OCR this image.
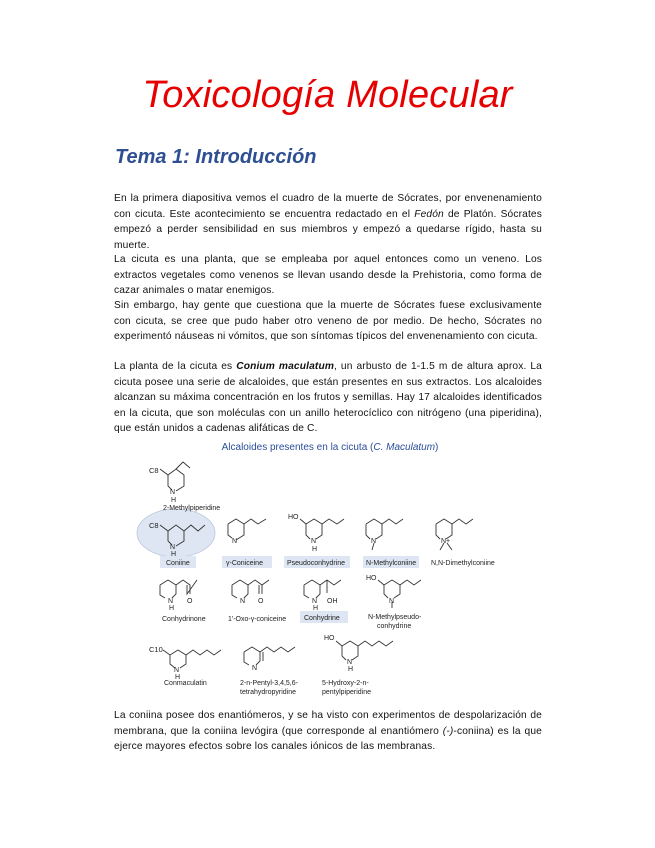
Toxicología Molecular
Tema 1: Introducción
En la primera diapositiva vemos el cuadro de la muerte de Sócrates, por envenenamiento con cicuta. Este acontecimiento se encuentra redactado en el Fedón de Platón. Sócrates empezó a perder sensibilidad en sus miembros y empezó a quedarse rígido, hasta su muerte.
La cicuta es una planta, que se empleaba por aquel entonces como un veneno. Los extractos vegetales como venenos se llevan usando desde la Prehistoria, como forma de cazar animales o matar enemigos.
Sin embargo, hay gente que cuestiona que la muerte de Sócrates fuese exclusivamente con cicuta, se cree que pudo haber otro veneno de por medio. De hecho, Sócrates no experimentó náuseas ni vómitos, que son síntomas típicos del envenenamiento con cicuta.
La planta de la cicuta es Conium maculatum, un arbusto de 1-1.5 m de altura aprox. La cicuta posee una serie de alcaloides, que están presentes en sus extractos. Los alcaloides alcanzan su máxima concentración en los frutos y semillas. Hay 17 alcaloides identificados en la cicuta, que son moléculas con un anillo heterocíclico con nitrógeno (una piperidina), que están unidos a cadenas alifáticas de C.
Alcaloides presentes en la cicuta (C. Maculatum)
C8
N
H
2-Methylpiperidine
C8
N
H
Coniine
N
γ-Coniceine
HO
N
H
Pseudoconhydrine
N
N-Methylconiine
N+
N,N-Dimethylconiine
N
H
O
Conhydrinone
N O
1'-Oxo-γ-coniceine
N
H
OH
Conhydrine
HO
N
N-Methylpseudo-
conhydrine
C10
N
H
Conmaculatin
N
2-n-Pentyl-3,4,5,6-
tetrahydropyridine
HO
N
H
5-Hydroxy-2-n-
pentylpiperidine
La coniina posee dos enantiómeros, y se ha visto con experimentos de despolarización de membrana, que la coniina levógira (que corresponde al enantiómero (-)-coniina) es la que ejerce mayores efectos sobre los canales iónicos de las membranas.
